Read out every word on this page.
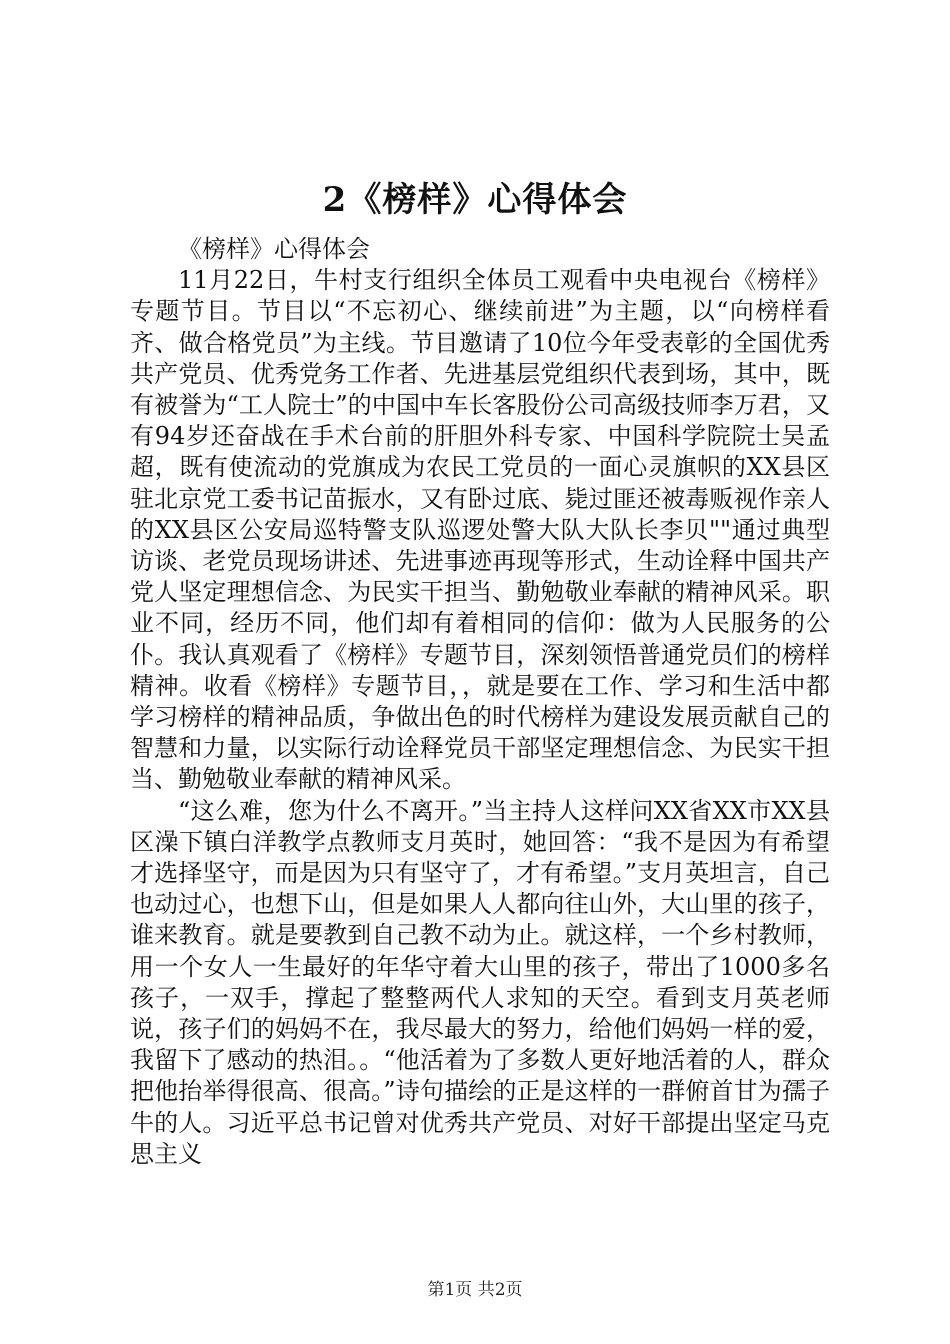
2《榜样》心得体会

《榜样》心得体会

11月22日，牛村支行组织全体员工观看中央电视台《榜样》专题节目。节目以“不忘初心、继续前进”为主题，以“向榜样看齐、做合格党员”为主线。节目邀请了10位今年受表彰的全国优秀共产党员、优秀党务工作者、先进基层党组织代表到场，其中，既有被誉为“工人院士”的中国中车长客股份公司高级技师李万君，又有94岁还奋战在手术台前的肝胆外科专家、中国科学院院士吴孟超，既有使流动的党旗成为农民工党员的一面心灵旗帜的XX县区驻北京党工委书记苗振水，又有卧过底、毙过匪还被毒贩视作亲人的XX县区公安局巡特警支队巡逻处警大队大队长李贝""通过典型访谈、老党员现场讲述、先进事迹再现等形式，生动诠释中国共产党人坚定理想信念、为民实干担当、勤勉敬业奉献的精神风采。职业不同，经历不同，他们却有着相同的信仰：做为人民服务的公仆。我认真观看了《榜样》专题节目，深刻领悟普通党员们的榜样精神。收看《榜样》专题节目，，就是要在工作、学习和生活中都学习榜样的精神品质，争做出色的时代榜样为建设发展贡献自己的智慧和力量，以实际行动诠释党员干部坚定理想信念、为民实干担当、勤勉敬业奉献的精神风采。

“这么难，您为什么不离开。”当主持人这样问XX省XX市XX县区澡下镇白洋教学点教师支月英时，她回答：“我不是因为有希望才选择坚守，而是因为只有坚守了，才有希望。”支月英坦言，自己也动过心，也想下山，但是如果人人都向往山外，大山里的孩子，谁来教育。就是要教到自己教不动为止。就这样，一个乡村教师，用一个女人一生最好的年华守着大山里的孩子，带出了1000多名孩子，一双手，撑起了整整两代人求知的天空。看到支月英老师说，孩子们的妈妈不在，我尽最大的努力，给他们妈妈一样的爱，我留下了感动的热泪。。“他活着为了多数人更好地活着的人，群众把他抬举得很高、很高。”诗句描绘的正是这样的一群俯首甘为孺子牛的人。习近平总书记曾对优秀共产党员、对好干部提出坚定马克思主义

第1页 共2页
